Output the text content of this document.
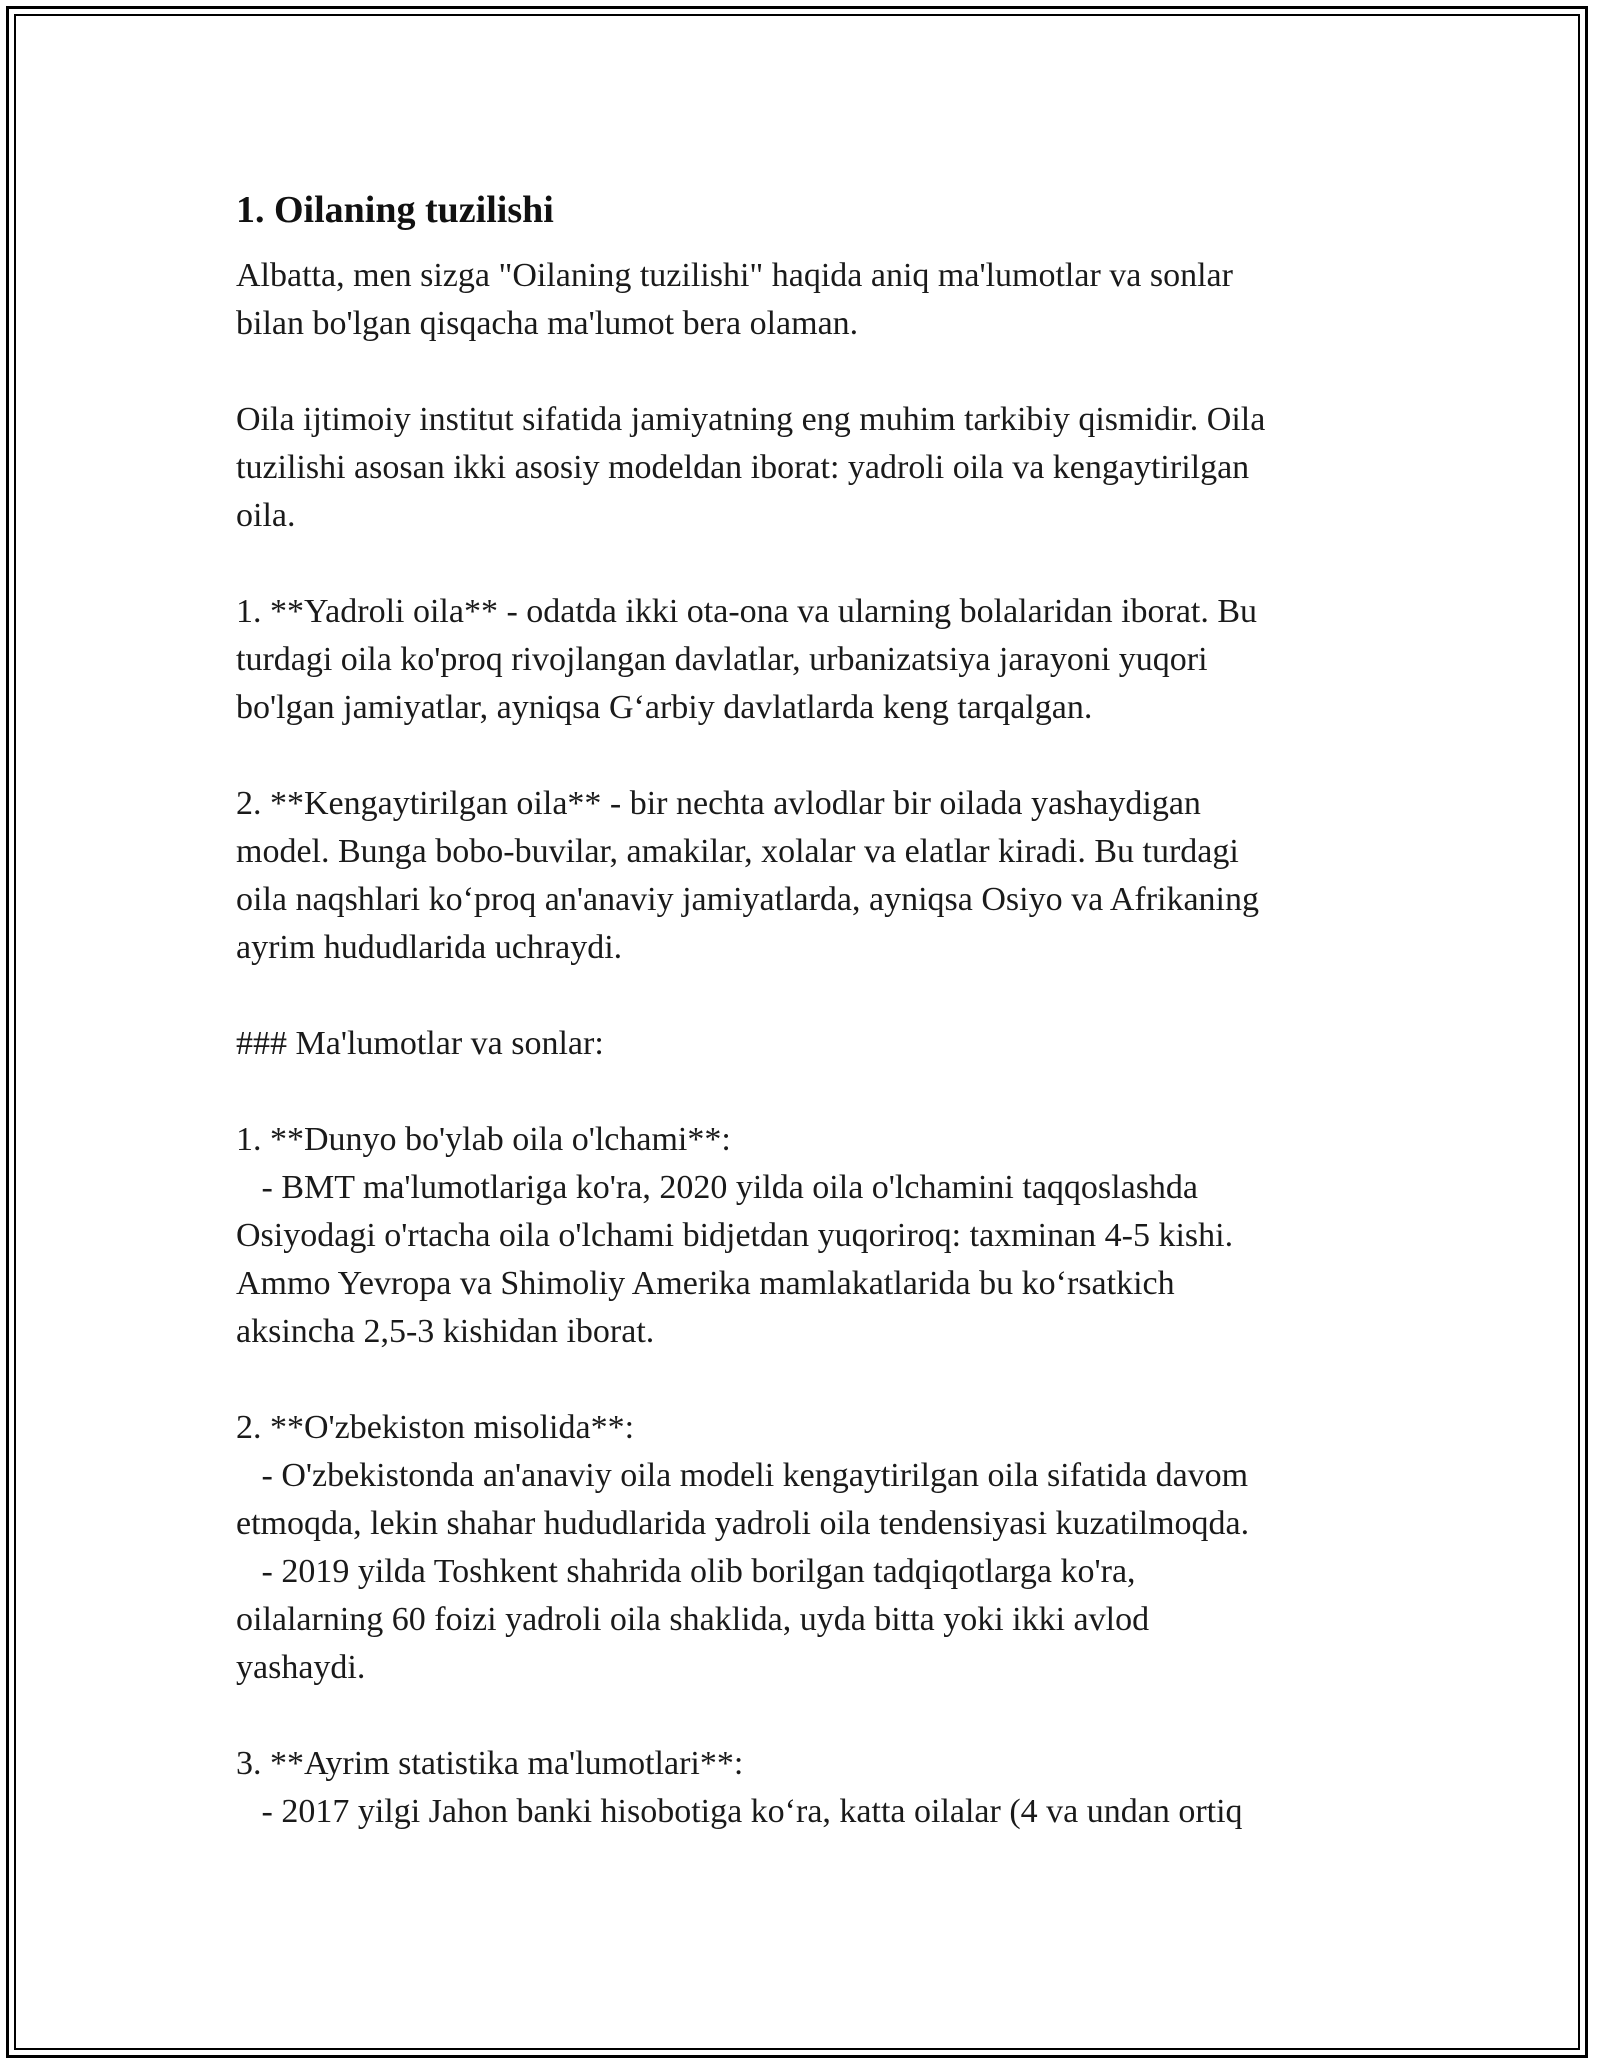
1. Oilaning tuzilishi

Albatta, men sizga "Oilaning tuzilishi" haqida aniq ma'lumotlar va sonlar
bilan bo'lgan qisqacha ma'lumot bera olaman.

Oila ijtimoiy institut sifatida jamiyatning eng muhim tarkibiy qismidir. Oila
tuzilishi asosan ikki asosiy modeldan iborat: yadroli oila va kengaytirilgan
oila.

1. **Yadroli oila** - odatda ikki ota-ona va ularning bolalaridan iborat. Bu
turdagi oila ko'proq rivojlangan davlatlar, urbanizatsiya jarayoni yuqori
bo'lgan jamiyatlar, ayniqsa G‘arbiy davlatlarda keng tarqalgan.

2. **Kengaytirilgan oila** - bir nechta avlodlar bir oilada yashaydigan
model. Bunga bobo-buvilar, amakilar, xolalar va elatlar kiradi. Bu turdagi
oila naqshlari ko‘proq an'anaviy jamiyatlarda, ayniqsa Osiyo va Afrikaning
ayrim hududlarida uchraydi.

### Ma'lumotlar va sonlar:

1. **Dunyo bo'ylab oila o'lchami**:
- BMT ma'lumotlariga ko'ra, 2020 yilda oila o'lchamini taqqoslashda
Osiyodagi o'rtacha oila o'lchami bidjetdan yuqoriroq: taxminan 4-5 kishi.
Ammo Yevropa va Shimoliy Amerika mamlakatlarida bu ko‘rsatkich
aksincha 2,5-3 kishidan iborat.

2. **O'zbekiston misolida**:
- O'zbekistonda an'anaviy oila modeli kengaytirilgan oila sifatida davom
etmoqda, lekin shahar hududlarida yadroli oila tendensiyasi kuzatilmoqda.
- 2019 yilda Toshkent shahrida olib borilgan tadqiqotlarga ko'ra,
oilalarning 60 foizi yadroli oila shaklida, uyda bitta yoki ikki avlod
yashaydi.

3. **Ayrim statistika ma'lumotlari**:
- 2017 yilgi Jahon banki hisobotiga ko‘ra, katta oilalar (4 va undan ortiq
